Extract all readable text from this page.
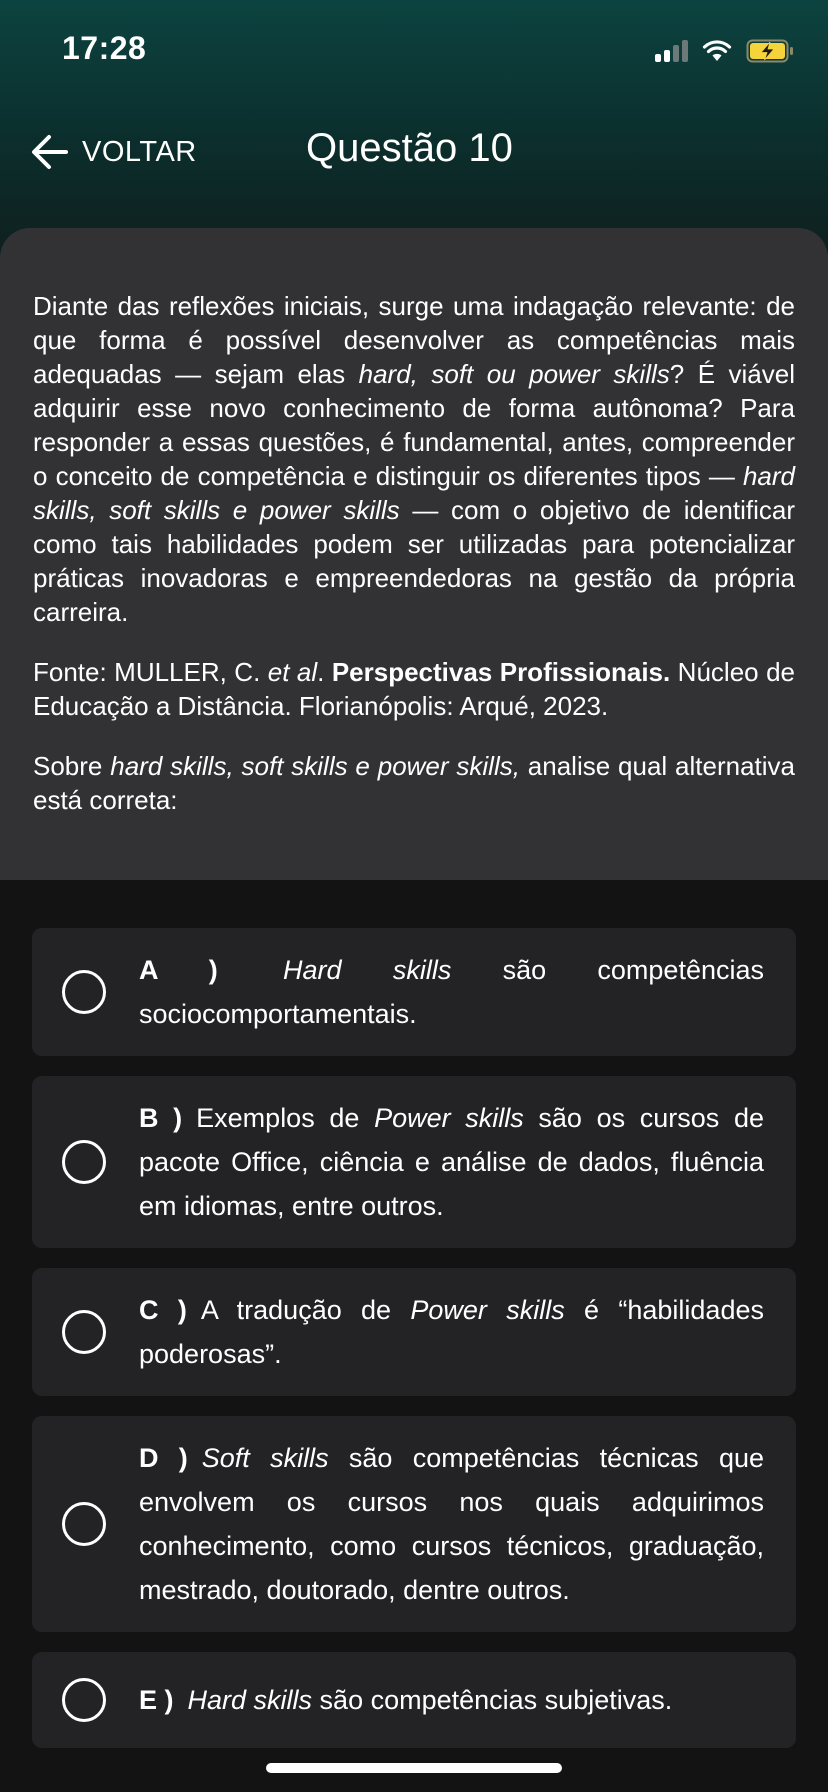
17:28
VOLTAR	Questão 10

Diante das reflexões iniciais, surge uma indagação relevante: de que forma é possível desenvolver as competências mais adequadas — sejam elas hard, soft ou power skills? É viável adquirir esse novo conhecimento de forma autônoma? Para responder a essas questões, é fundamental, antes, compreender o conceito de competência e distinguir os diferentes tipos — hard skills, soft skills e power skills — com o objetivo de identificar como tais habilidades podem ser utilizadas para potencializar práticas inovadoras e empreendedoras na gestão da própria carreira.

Fonte: MULLER, C. et al. Perspectivas Profissionais. Núcleo de Educação a Distância. Florianópolis: Arqué, 2023.

Sobre hard skills, soft skills e power skills, analise qual alternativa está correta:

A ) Hard skills são competências sociocomportamentais.
B ) Exemplos de Power skills são os cursos de pacote Office, ciência e análise de dados, fluência em idiomas, entre outros.
C ) A tradução de Power skills é “habilidades poderosas”.
D ) Soft skills são competências técnicas que envolvem os cursos nos quais adquirimos conhecimento, como cursos técnicos, graduação, mestrado, doutorado, dentre outros.
E ) Hard skills são competências subjetivas.
